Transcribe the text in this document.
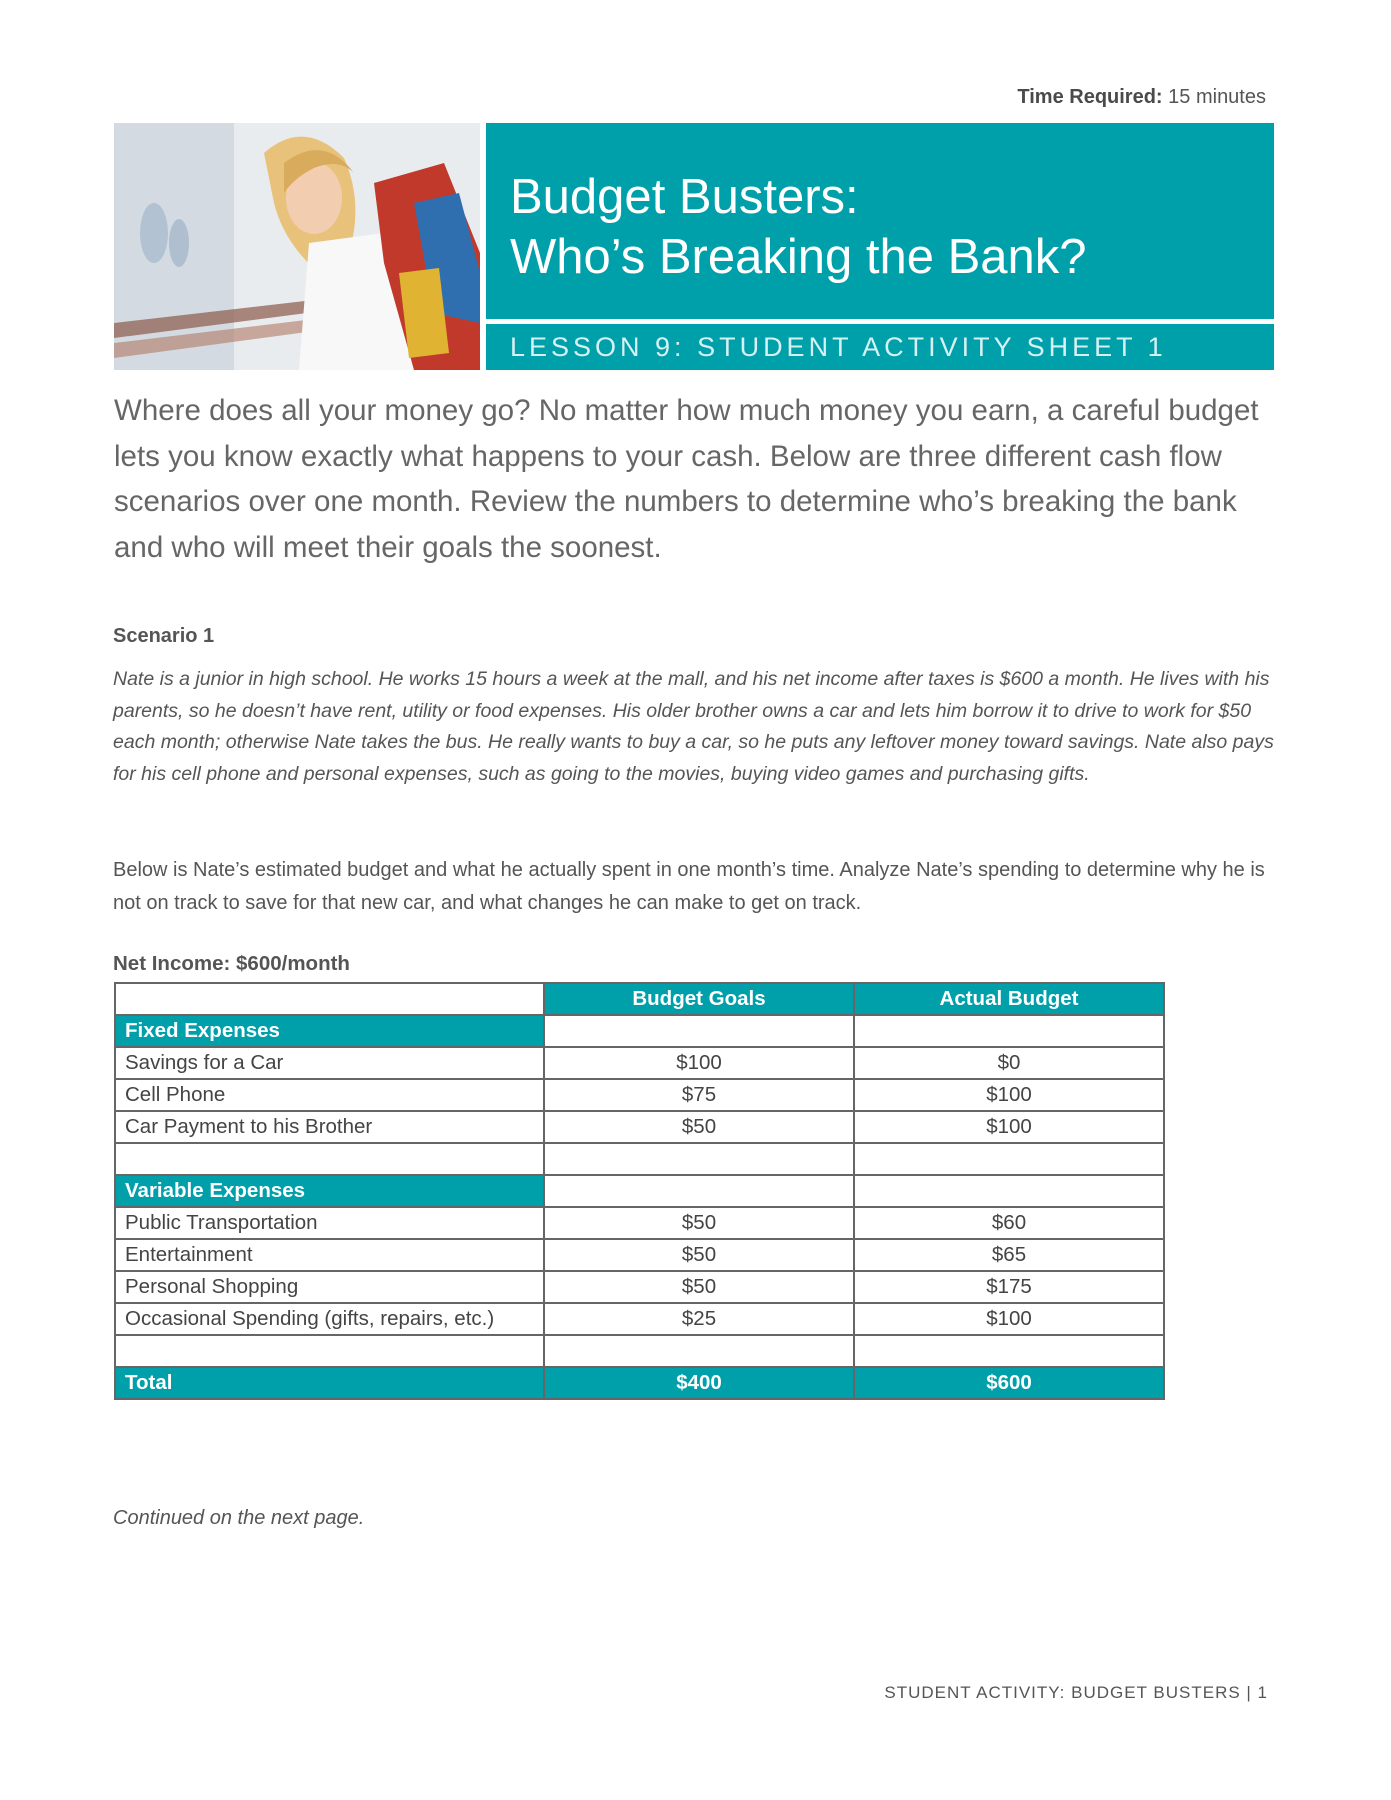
Time Required: 15 minutes
Budget Busters:
Who’s Breaking the Bank?
LESSON 9: STUDENT ACTIVITY SHEET 1

Where does all your money go? No matter how much money you earn, a careful budget lets you know exactly what happens to your cash. Below are three different cash flow scenarios over one month. Review the numbers to determine who’s breaking the bank and who will meet their goals the soonest.

Scenario 1

Nate is a junior in high school. He works 15 hours a week at the mall, and his net income after taxes is $600 a month. He lives with his parents, so he doesn’t have rent, utility or food expenses. His older brother owns a car and lets him borrow it to drive to work for $50 each month; otherwise Nate takes the bus. He really wants to buy a car, so he puts any leftover money toward savings. Nate also pays for his cell phone and personal expenses, such as going to the movies, buying video games and purchasing gifts.

Below is Nate’s estimated budget and what he actually spent in one month’s time. Analyze Nate’s spending to determine why he is not on track to save for that new car, and what changes he can make to get on track.

Net Income: $600/month

	Budget Goals	Actual Budget
Fixed Expenses		
Savings for a Car	$100	$0
Cell Phone	$75	$100
Car Payment to his Brother	$50	$100

Variable Expenses		
Public Transportation	$50	$60
Entertainment	$50	$65
Personal Shopping	$50	$175
Occasional Spending (gifts, repairs, etc.)	$25	$100

Total	$400	$600

Continued on the next page.

STUDENT ACTIVITY: BUDGET BUSTERS | 1
